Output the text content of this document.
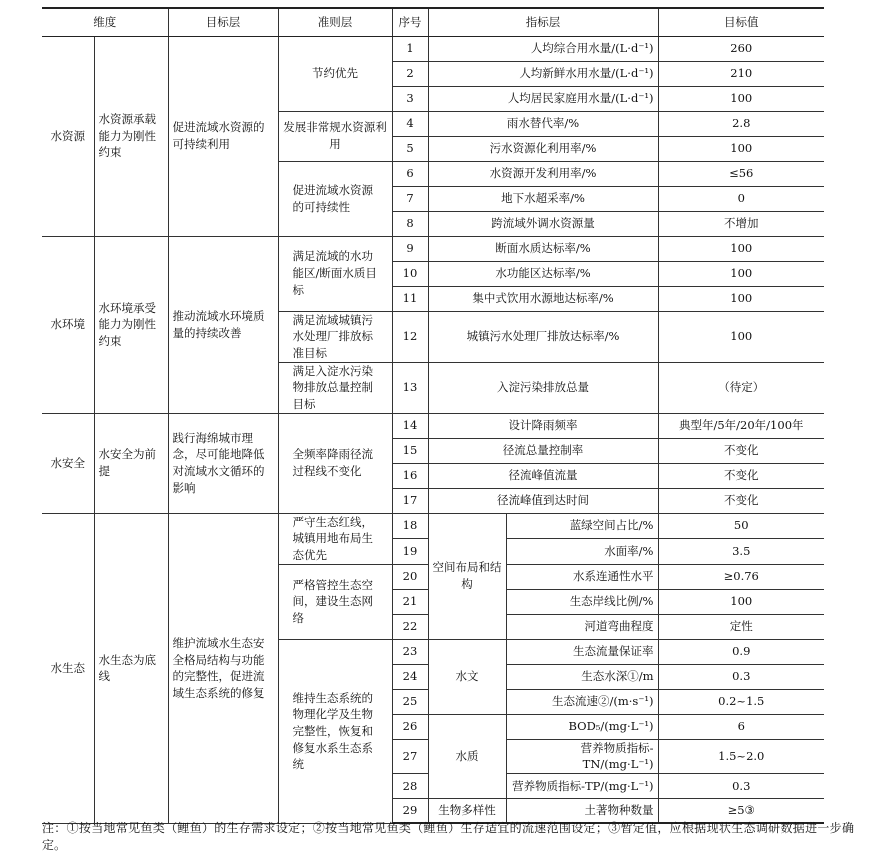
维度		目标层	准则层	序号	指标层		目标值
水资源	水资源承载能力为刚性约束	促进流域水资源的可持续利用	节约优先	1	人均综合用水量/(L·d⁻¹)		260
				2	人均新鲜水用水量/(L·d⁻¹)		210
				3	人均居民家庭用水量/(L·d⁻¹)		100
			发展非常规水资源利用	4	雨水替代率/%		2.8
				5	污水资源化利用率/%		100
			促进流域水资源的可持续性	6	水资源开发利用率/%		≤56
				7	地下水超采率/%		0
				8	跨流域外调水资源量		不增加
水环境	水环境承受能力为刚性约束	推动流域水环境质量的持续改善	满足流域的水功能区/断面水质目标	9	断面水质达标率/%		100
				10	水功能区达标率/%		100
				11	集中式饮用水源地达标率/%		100
			满足流域城镇污水处理厂排放标准目标	12	城镇污水处理厂排放达标率/%		100
			满足入淀水污染物排放总量控制目标	13	入淀污染排放总量		（待定）
水安全	水安全为前提	践行海绵城市理念，尽可能地降低对流域水文循环的影响	全频率降雨径流过程线不变化	14	设计降雨频率		典型年/5年/20年/100年
				15	径流总量控制率		不变化
				16	径流峰值流量		不变化
				17	径流峰值到达时间		不变化
水生态	水生态为底线	维护流域水生态安全格局结构与功能的完整性，促进流域生态系统的修复	严守生态红线，城镇用地布局生态优先	18	空间布局和结构	蓝绿空间占比/%	50
				19		水面率/%	3.5
			严格管控生态空间，建设生态网络	20		水系连通性水平	≥0.76
				21		生态岸线比例/%	100
				22		河道弯曲程度	定性
			维持生态系统的物理化学及生物完整性，恢复和修复水系生态系统	23	水文	生态流量保证率	0.9
				24		生态水深①/m	0.3
				25		生态流速②/(m·s⁻¹)	0.2~1.5
				26	水质	BOD₅/(mg·L⁻¹)	6
				27		营养物质指标-TN/(mg·L⁻¹)	1.5~2.0
				28		营养物质指标-TP/(mg·L⁻¹)	0.3
				29	生物多样性	土著物种数量	≥5③
注：①按当地常见鱼类（鲤鱼）的生存需求设定；②按当地常见鱼类（鲤鱼）生存适宜的流速范围设定；③暂定值，应根据现状生态调研数据进一步确定。
